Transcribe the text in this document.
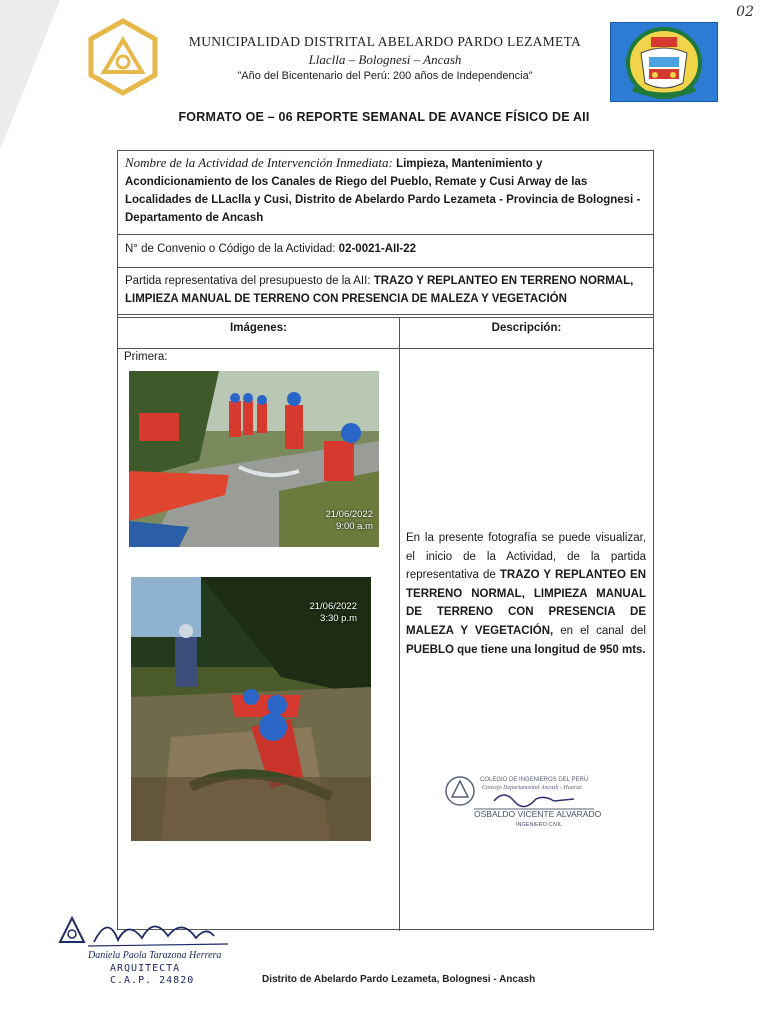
02
MUNICIPALIDAD DISTRITAL ABELARDO PARDO LEZAMETA
Llaclla – Bolognesi – Ancash
"Año del Bicentenario del Perú: 200 años de Independencia"
FORMATO OE – 06 REPORTE SEMANAL DE AVANCE FÍSICO DE AII
Nombre de la Actividad de Intervención Inmediata: Limpieza, Mantenimiento y Acondicionamiento de los Canales de Riego del Pueblo, Remate y Cusi Arway de las Localidades de LLaclla y Cusi, Distrito de Abelardo Pardo Lezameta - Provincia de Bolognesi - Departamento de Ancash
N° de Convenio o Código de la Actividad: 02-0021-AII-22
Partida representativa del presupuesto de la AII: TRAZO Y REPLANTEO EN TERRENO NORMAL, LIMPIEZA MANUAL DE TERRENO CON PRESENCIA DE MALEZA Y VEGETACIÓN
Imágenes:	Descripción:
Primera:
21/06/2022
9:00 a.m
21/06/2022
3:30 p.m
En la presente fotografía se puede visualizar, el inicio de la Actividad, de la partida representativa de TRAZO Y REPLANTEO EN TERRENO NORMAL, LIMPIEZA MANUAL DE TERRENO CON PRESENCIA DE MALEZA Y VEGETACIÓN, en el canal del PUEBLO que tiene una longitud de 950 mts.
COLEGIO DE INGENIEROS DEL PERÚ
Consejo Departamental Ancash - Huaraz
OSBALDO VICENTE ALVARADO
INGENIERO CIVIL
Daniela Paola Tarazona Herrera
ARQUITECTA
C.A.P. 24820	Distrito de Abelardo Pardo Lezameta, Bolognesi - Ancash
